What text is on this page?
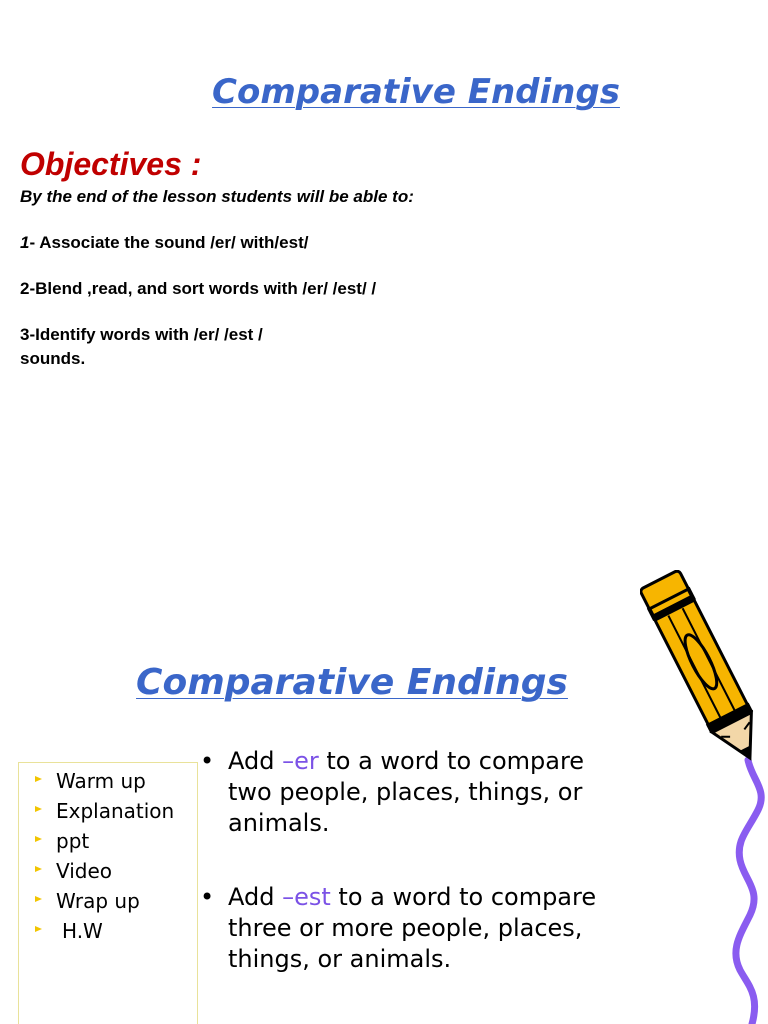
Comparative Endings
Objectives :
By the end of the lesson students will be able to:
1- Associate the sound /er/ with/est/
2-Blend ,read, and sort words with /er/ /est/ /
3-Identify words with /er/ /est /
sounds.
Comparative Endings
Warm up
Explanation
ppt
Video
Wrap up
H.W
• Add –er to a word to compare two people, places, things, or animals.
• Add –est to a word to compare three or more people, places, things, or animals.
